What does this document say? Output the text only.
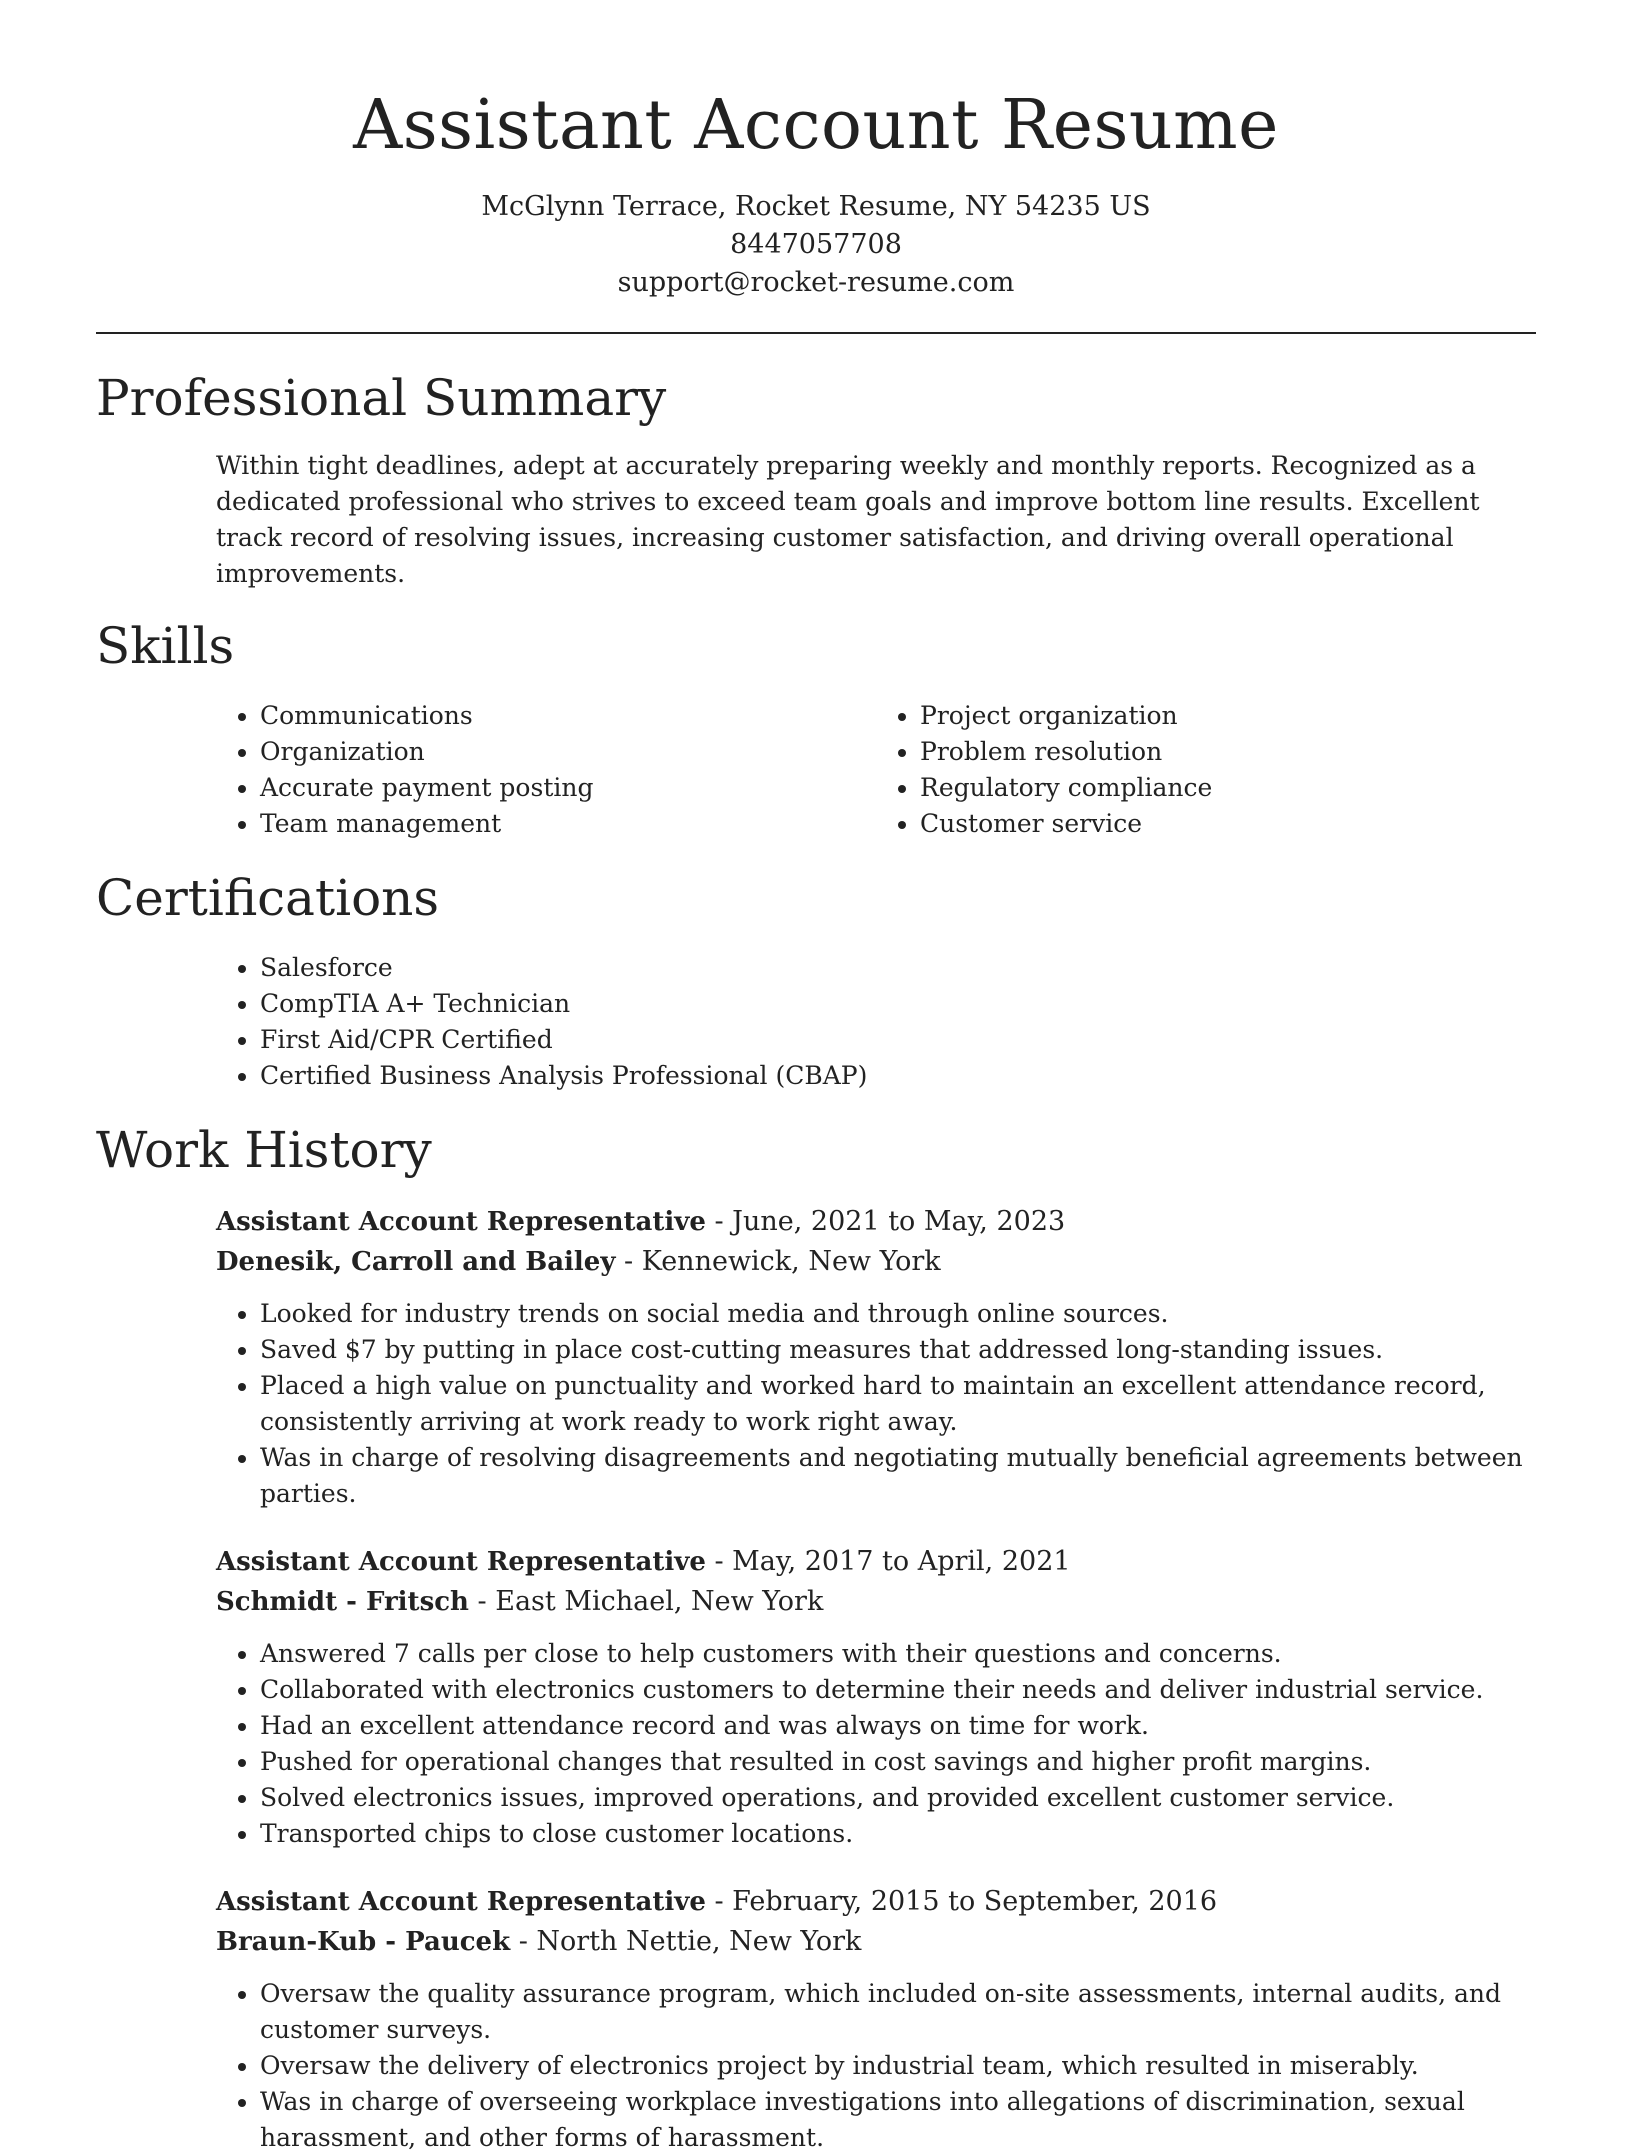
Assistant Account Resume
McGlynn Terrace, Rocket Resume, NY 54235 US
8447057708
support@rocket-resume.com
Professional Summary

Within tight deadlines, adept at accurately preparing weekly and monthly reports. Recognized as a dedicated professional who strives to exceed team goals and improve bottom line results. Excellent track record of resolving issues, increasing customer satisfaction, and driving overall operational improvements.

Skills
• Communications
• Organization
• Accurate payment posting
• Team management
• Project organization
• Problem resolution
• Regulatory compliance
• Customer service
Certifications
• Salesforce
• CompTIA A+ Technician
• First Aid/CPR Certified
• Certified Business Analysis Professional (CBAP)
Work History
Assistant Account Representative - June, 2021 to May, 2023
Denesik, Carroll and Bailey - Kennewick, New York
• Looked for industry trends on social media and through online sources.
• Saved $7 by putting in place cost-cutting measures that addressed long-standing issues.
• Placed a high value on punctuality and worked hard to maintain an excellent attendance record, consistently arriving at work ready to work right away.
• Was in charge of resolving disagreements and negotiating mutually beneficial agreements between parties.
Assistant Account Representative - May, 2017 to April, 2021
Schmidt - Fritsch - East Michael, New York
• Answered 7 calls per close to help customers with their questions and concerns.
• Collaborated with electronics customers to determine their needs and deliver industrial service.
• Had an excellent attendance record and was always on time for work.
• Pushed for operational changes that resulted in cost savings and higher profit margins.
• Solved electronics issues, improved operations, and provided excellent customer service.
• Transported chips to close customer locations.
Assistant Account Representative - February, 2015 to September, 2016
Braun-Kub - Paucek - North Nettie, New York
• Oversaw the quality assurance program, which included on-site assessments, internal audits, and customer surveys.
• Oversaw the delivery of electronics project by industrial team, which resulted in miserably.
• Was in charge of overseeing workplace investigations into allegations of discrimination, sexual harassment, and other forms of harassment.
